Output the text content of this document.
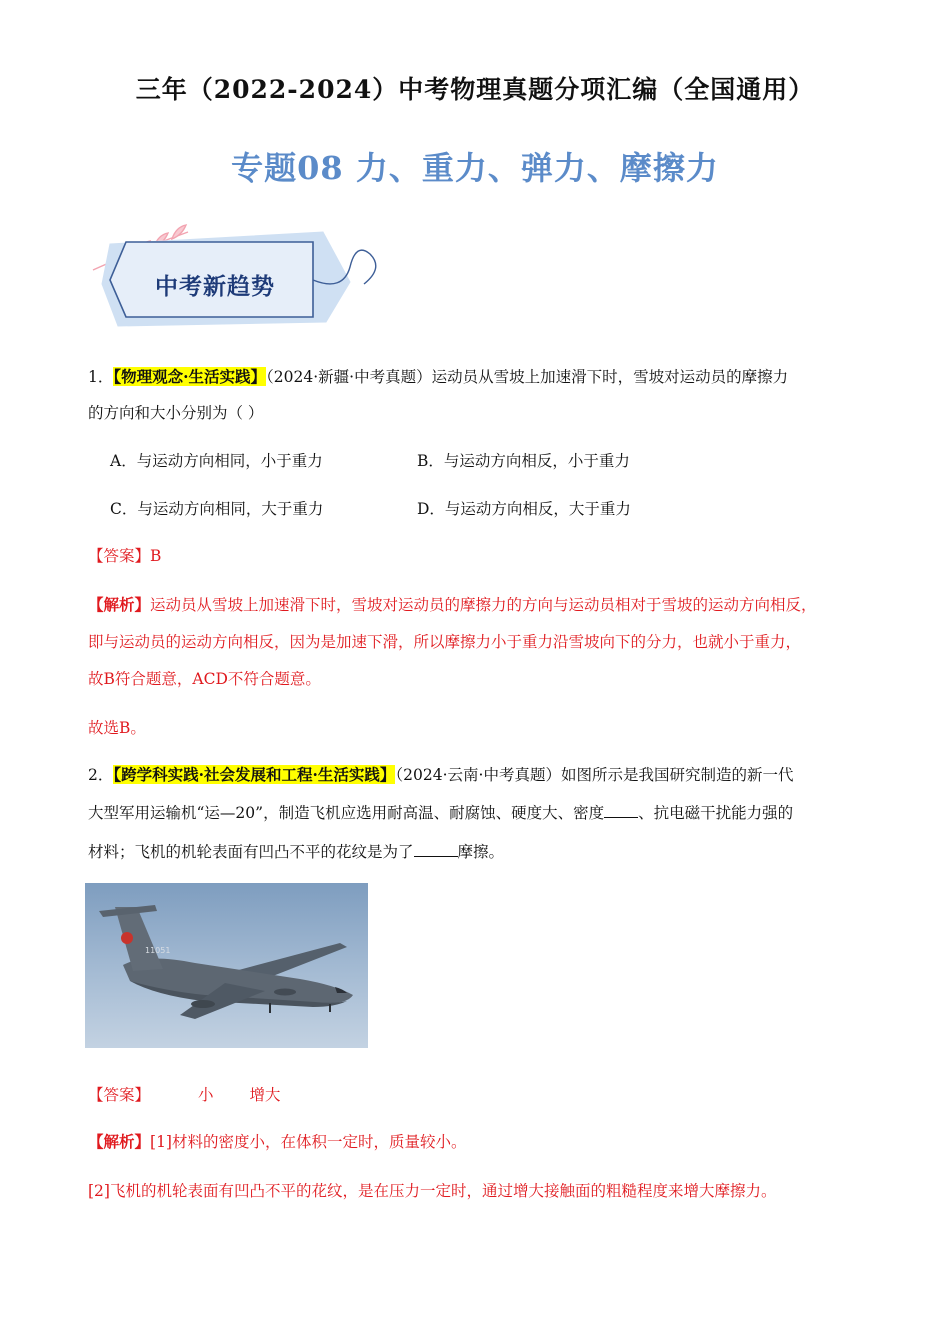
三年（2022-2024）中考物理真题分项汇编（全国通用）
专题08 力、重力、弹力、摩擦力
中考新趋势
1．【物理观念·生活实践】（2024·新疆·中考真题）运动员从雪坡上加速滑下时，雪坡对运动员的摩擦力
的方向和大小分别为（ ）
A．与运动方向相同，小于重力	B．与运动方向相反，小于重力
C．与运动方向相同，大于重力	D．与运动方向相反，大于重力
【答案】B
【解析】运动员从雪坡上加速滑下时，雪坡对运动员的摩擦力的方向与运动员相对于雪坡的运动方向相反，
即与运动员的运动方向相反，因为是加速下滑，所以摩擦力小于重力沿雪坡向下的分力，也就小于重力，
故B符合题意，ACD不符合题意。
故选B。
2．【跨学科实践·社会发展和工程·生活实践】（2024·云南·中考真题）如图所示是我国研究制造的新一代
大型军用运输机“运—20”，制造飞机应选用耐高温、耐腐蚀、硬度大、密度 、抗电磁干扰能力强的
材料；飞机的机轮表面有凹凸不平的花纹是为了	摩擦。
11051
【答案】	小 增大
【解析】[1]材料的密度小，在体积一定时，质量较小。
[2]飞机的机轮表面有凹凸不平的花纹，是在压力一定时，通过增大接触面的粗糙程度来增大摩擦力。
